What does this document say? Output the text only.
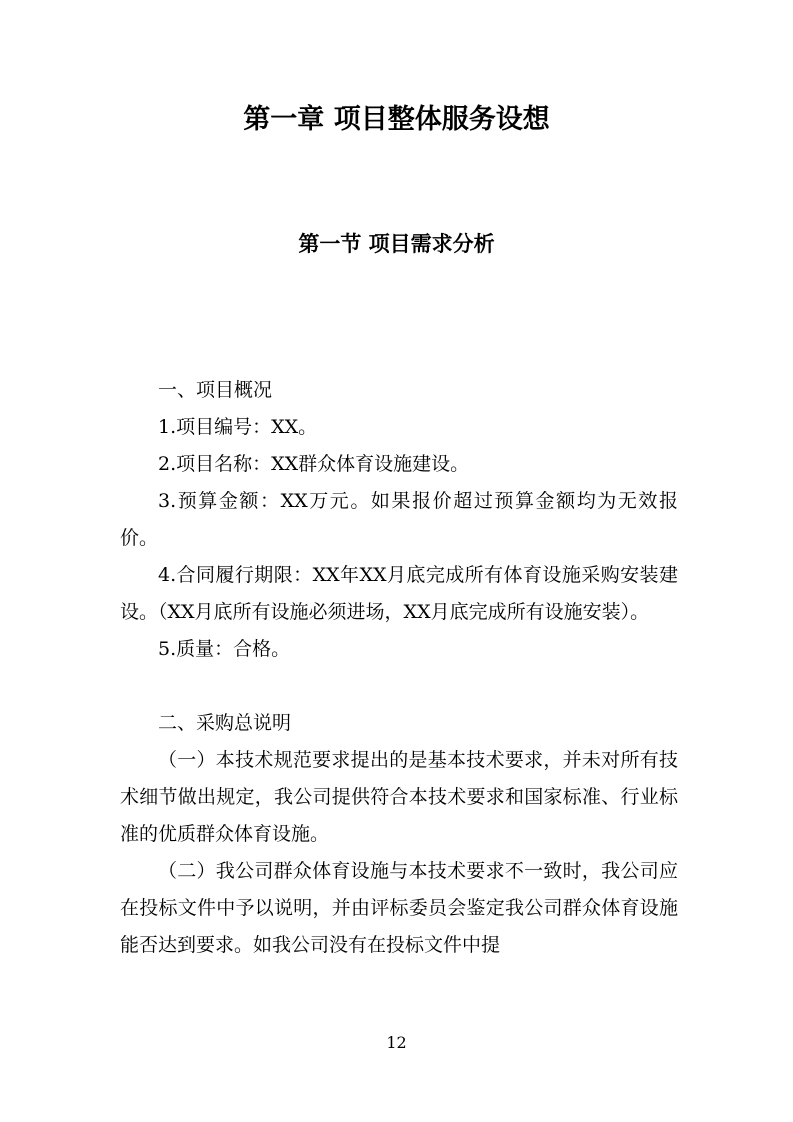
第一章 项目整体服务设想
第一节 项目需求分析

一、项目概况

1.项目编号：XX。

2.项目名称：XX群众体育设施建设。

3.预算金额：XX万元。如果报价超过预算金额均为无效报价。

4.合同履行期限：XX年XX月底完成所有体育设施采购安装建设。（XX月底所有设施必须进场，XX月底完成所有设施安装）。

5.质量：合格。

二、采购总说明

（一）本技术规范要求提出的是基本技术要求，并未对所有技术细节做出规定，我公司提供符合本技术要求和国家标准、行业标准的优质群众体育设施。

（二）我公司群众体育设施与本技术要求不一致时，我公司应在投标文件中予以说明，并由评标委员会鉴定我公司群众体育设施能否达到要求。如我公司没有在投标文件中提

12
